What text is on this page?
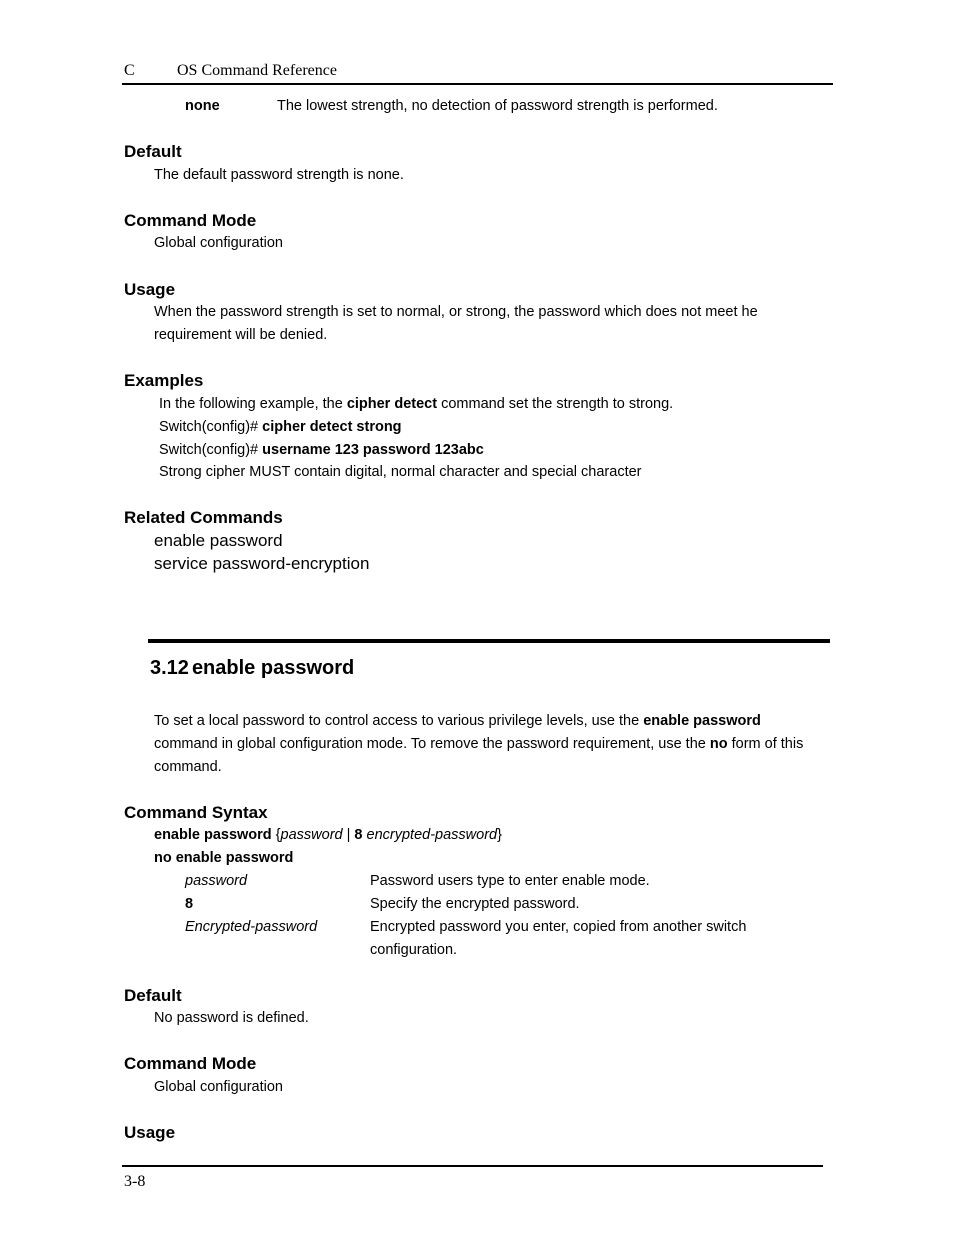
C	OS Command Reference
none	The lowest strength, no detection of password strength is performed.
Default
The default password strength is none.
Command Mode
Global configuration
Usage
When the password strength is set to normal, or strong, the password which does not meet he
requirement will be denied.
Examples
In the following example, the cipher detect command set the strength to strong.
Switch(config)# cipher detect strong
Switch(config)# username 123 password 123abc
Strong cipher MUST contain digital, normal character and special character
Related Commands
enable password
service password-encryption
3.12 enable password
To set a local password to control access to various privilege levels, use the enable password
command in global configuration mode. To remove the password requirement, use the no form of this
command.
Command Syntax
enable password {password | 8 encrypted-password}
no enable password
password	Password users type to enter enable mode.
8	Specify the encrypted password.
Encrypted-password	Encrypted password you enter, copied from another switch
configuration.
Default
No password is defined.
Command Mode
Global configuration
Usage
3-8
